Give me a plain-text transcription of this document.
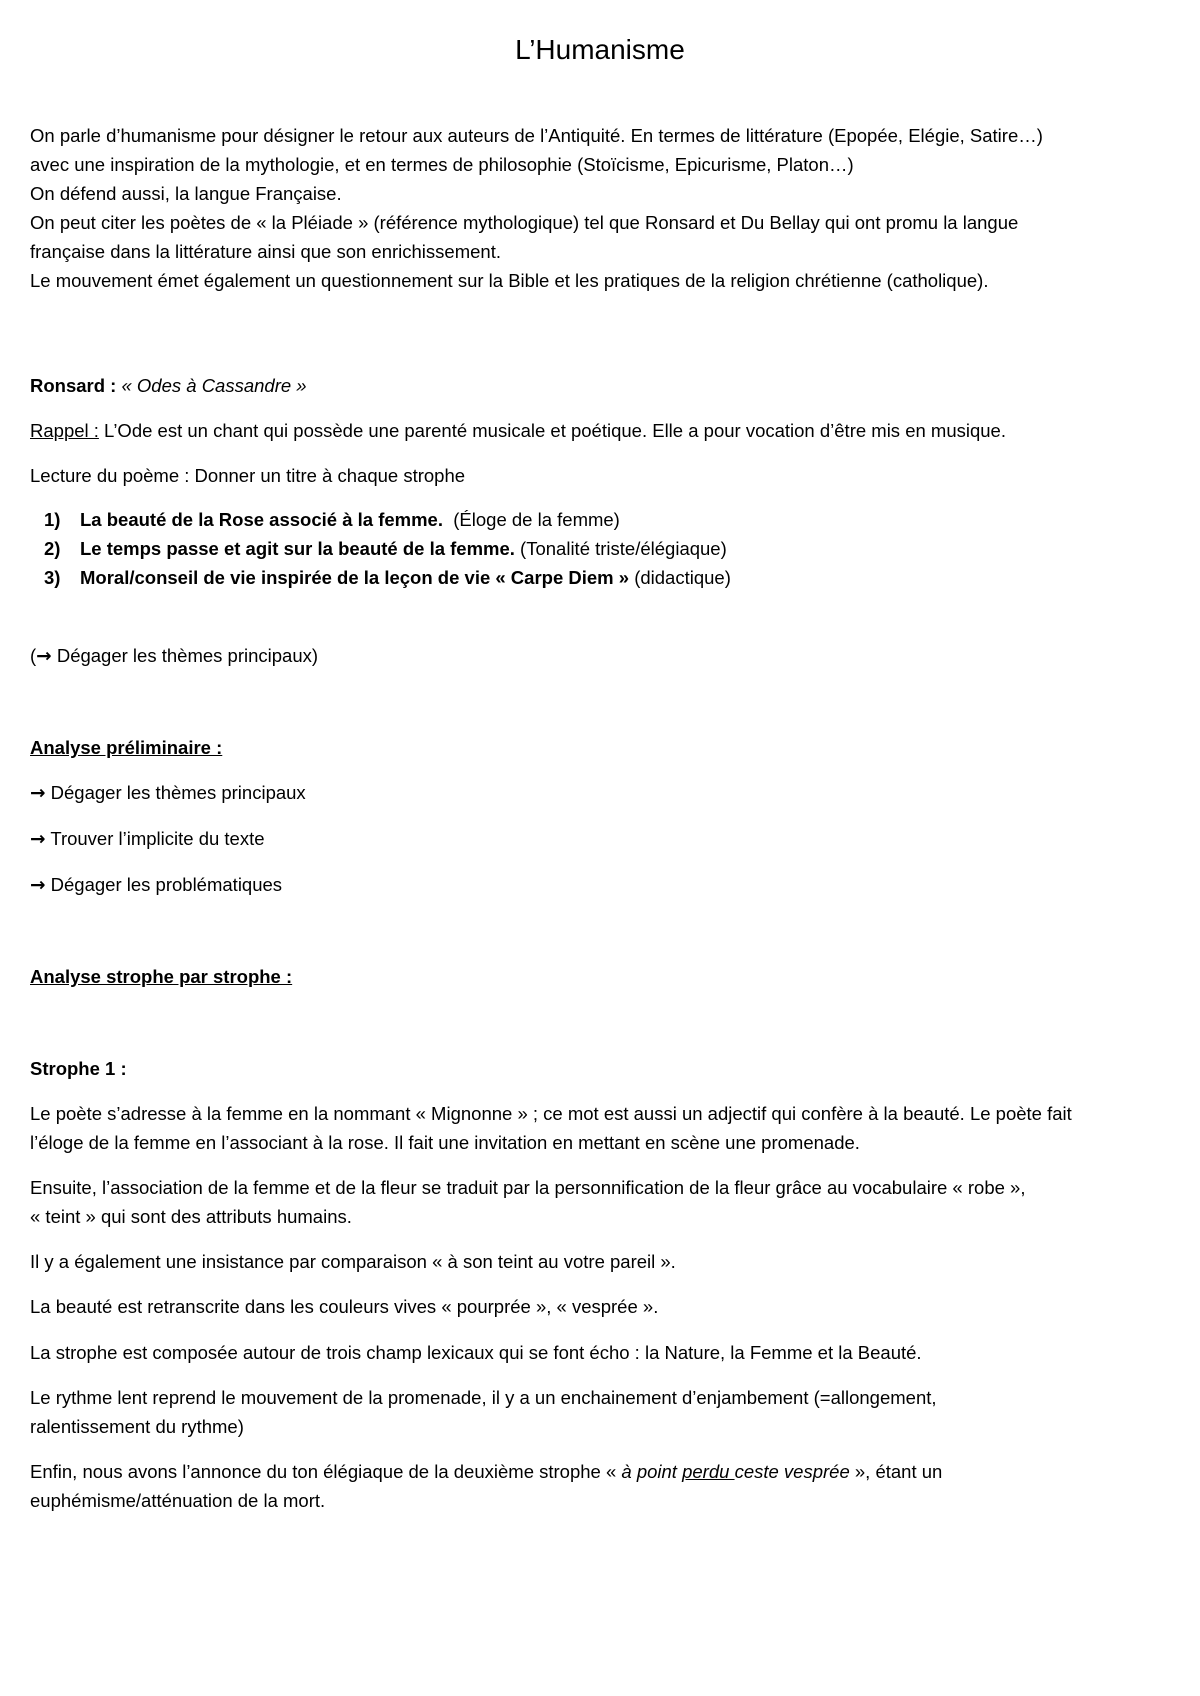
L’Humanisme
On parle d’humanisme pour désigner le retour aux auteurs de l’Antiquité. En termes de littérature (Epopée, Elégie, Satire…)
avec une inspiration de la mythologie, et en termes de philosophie (Stoïcisme, Epicurisme, Platon…)
On défend aussi, la langue Française.
On peut citer les poètes de « la Pléiade » (référence mythologique) tel que Ronsard et Du Bellay qui ont promu la langue
française dans la littérature ainsi que son enrichissement.
Le mouvement émet également un questionnement sur la Bible et les pratiques de la religion chrétienne (catholique).
Ronsard : « Odes à Cassandre »
Rappel : L’Ode est un chant qui possède une parenté musicale et poétique. Elle a pour vocation d’être mis en musique.
Lecture du poème : Donner un titre à chaque strophe
1) La beauté de la Rose associé à la femme.  (Éloge de la femme)
2) Le temps passe et agit sur la beauté de la femme. (Tonalité triste/élégiaque)
3) Moral/conseil de vie inspirée de la leçon de vie « Carpe Diem » (didactique)
(→ Dégager les thèmes principaux)
Analyse préliminaire :
→ Dégager les thèmes principaux
→ Trouver l’implicite du texte
→ Dégager les problématiques
Analyse strophe par strophe :
Strophe 1 :
Le poète s’adresse à la femme en la nommant « Mignonne » ; ce mot est aussi un adjectif qui confère à la beauté. Le poète fait
l’éloge de la femme en l’associant à la rose. Il fait une invitation en mettant en scène une promenade.
Ensuite, l’association de la femme et de la fleur se traduit par la personnification de la fleur grâce au vocabulaire « robe »,
« teint » qui sont des attributs humains.
Il y a également une insistance par comparaison « à son teint au votre pareil ».
La beauté est retranscrite dans les couleurs vives « pourprée », « vesprée ».
La strophe est composée autour de trois champ lexicaux qui se font écho : la Nature, la Femme et la Beauté.
Le rythme lent reprend le mouvement de la promenade, il y a un enchainement d’enjambement (=allongement,
ralentissement du rythme)
Enfin, nous avons l’annonce du ton élégiaque de la deuxième strophe « à point perdu ceste vesprée », étant un
euphémisme/atténuation de la mort.
